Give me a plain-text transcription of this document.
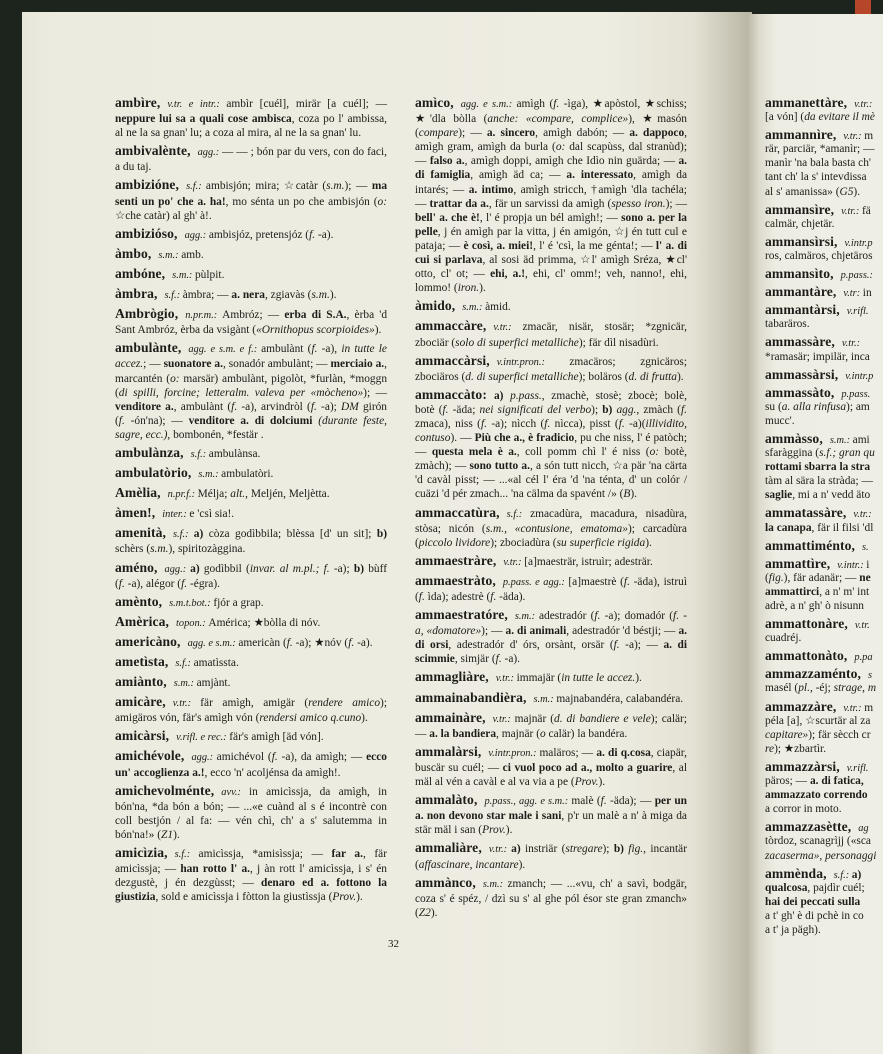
ambìre, v.tr. e intr.: ambìr [cuél], mirär [a cuél]; — neppure lui sa a quali cose ambisca, coza po l' ambissa, al ne la sa gnan' lu; a coza al mira, al ne la sa gnan' lu.
ambivalènte, agg.: — — ; bón par du vers, con do faci, a du taj.
ambizióne, s.f.: ambisjón; mira; ☆catàr (s.m.); — ma senti un po' che a. ha!, mo sénta un po che ambisjón (o: ☆che catàr) al gh' à!.
ambizióso, agg.: ambisjóz, pretensjóz (f. -a).
àmbo, s.m.: amb.
ambóne, s.m.: pùlpit.
àmbra, s.f.: àmbra; — a. nera, zgiavàs (s.m.).
Ambrògio, n.pr.m.: Ambróz; — erba di S.A., èrba 'd Sant Ambróz, èrba da vsigànt («Ornithopus scorpioides»).
ambulànte, agg. e s.m. e f.: ambulànt (f. -a), in tutte le accez.; — suonatore a., sonadór ambulànt; — merciaio a., marcantén (o: marsär) ambulànt, pigolòt, *furlàn, *moggn (di spilli, forcine; letteralm. valeva per «mòcheno»); — venditore a., ambulànt (f. -a), arvindròl (f. -a); DM girón (f. -ón'na); — venditore a. di dolciumi (durante feste, sagre, ecc.), bombonén, *festär .
ambulànza, s.f.: ambulànsa.
ambulatòrio, s.m.: ambulatòri.
Amèlia, n.pr.f.: Mélja; alt., Meljén, Meljètta.
àmen!, inter.: e 'csì sia!.
amenità, s.f.: a) còza godìbbila; blèssa [d' un sit]; b) schèrs (s.m.), spiritozàggina.
améno, agg.: a) godìbbil (invar. al m.pl.; f. -a); b) bùff (f. -a), alégor (f. -égra).
amènto, s.m.t.bot.: fjór a grap.
Amèrica, topon.: América; ★bòlla di nóv.
americàno, agg. e s.m.: americàn (f. -a); ★nóv (f. -a).
ametìsta, s.f.: amatìssta.
amiànto, s.m.: amjànt.
amicàre, v.tr.: fär amìgh, amigär (rendere amico); amigäros vón, fär's amìgh vón (rendersi amico q.cuno).
amicàrsi, v.rifl. e rec.: fär's amìgh [äd vón].
amichévole, agg.: amichévol (f. -a), da amìgh; — ecco un' accoglienza a.!, ecco 'n' acoljénsa da amìgh!.
amichevolménte, avv.: in amicìssja, da amìgh, in bón'na, *da bón a bón; — ...«e cuànd al s é incontrè con coll bestjón / al fa: — vén chì, ch' a s' salutemma in bón'na!» (Z1).
amicìzia, s.f.: amicìssja, *amisìssja; — far a., fär amicìssja; — han rotto l' a., j àn rott l' amicìssja, i s' én dezgustè, j én dezgùsst; — denaro ed a. fottono la giustizia, sold e amicìssja i fòtton la giustìssja (Prov.).
amìco, agg. e s.m.: amìgh (f. -ìga), ★apòstol, ★schiss; ★'dla bòlla (anche: «compare, complice»), ★masón (compare); — a. sincero, amìgh dabón; — a. dappoco, amìgh gram, amìgh da burla (o: dal scapùss, dal stranùd); — falso a., amìgh doppi, amìgh che Idìo nin guärda; — a. di famiglia, amìgh äd ca; — a. interessato, amìgh da intarés; — a. intimo, amìgh stricch, †amìgh 'dla tachéla; — trattar da a., fär un sarvissi da amìgh (spesso iron.); — bell' a. che è!, l' é propja un bél amìgh!; — sono a. per la pelle, j én amìgh par la vitta, j én amigón, ☆j én tutt cul e pataja; — è così, a. miei!, l' é 'csì, la me génta!; — l' a. di cui si parlava, al sosi äd primma, ☆l' amìgh Sréza, ★cl' otto, cl' ot; — ehi, a.!, ehi, cl' omm!; veh, nanno!, ehi, lommo! (iron.).
àmido, s.m.: àmid.
ammaccàre, v.tr.: zmacär, nisär, stosär; *zgnicär, zbociär (solo di superfici metalliche); fär dìl nisadùri.
ammaccàrsi, v.intr.pron.: zmacäros; zgnicäros; zbociäros (d. di superfici metalliche); boläros (d. di frutta).
ammaccàto: a) p.pass., zmachè, stosè; zbocè; bolè, botè (f. -äda; nei significati del verbo); b) agg., zmàch (f. zmaca), niss (f. -a); nìcch (f. nìcca), pisst (f. -a)(illividito, contuso). — Più che a., è fradicio, pu che niss, l' é patòch; — questa mela è a., coll pomm chì l' é niss (o: botè, zmàch); — sono tutto a., a són tutt nicch, ☆a pär 'na cärta 'd cavàl pisst; — ...«al cél l' éra 'd 'na ténta, d' un colór / cuäzi 'd pér zmach... 'na cälma da spavént /» (B).
ammaccatùra, s.f.: zmacadùra, macadura, nisadùra, stòsa; nicón (s.m., «contusione, ematoma»); carcadùra (piccolo lividore); zbociadùra (su superficie rigida).
ammaestràre, v.tr.: [a]maesträr, istruìr; adesträr.
ammaestràto, p.pass. e agg.: [a]maestrè (f. -äda), istruì (f. ìda); adestrè (f. -äda).
ammaestratóre, s.m.: adestradór (f. -a); domadór (f. -a, «domatore»); — a. di animali, adestradór 'd béstji; — a. di orsi, adestradór d' órs, orsànt, orsär (f. -a); — a. di scimmie, simjär (f. -a).
ammagliàre, v.tr.: immajär (in tutte le accez.).
ammainabandièra, s.m.: majnabandéra, calabandéra.
ammainàre, v.tr.: majnär (d. di bandiere e vele); calär; — a. la bandiera, majnär (o calär) la bandéra.
ammalàrsi, v.intr.pron.: maläros; — a. di q.cosa, ciapär, buscär su cuél; — ci vuol poco ad a., molto a guarire, al mäl al vén a cavàl e al va via a pe (Prov.).
ammalàto, p.pass., agg. e s.m.: malè (f. -äda); — per un a. non devono star male i sani, p'r un malè a n' à miga da stär mäl i san (Prov.).
ammaliàre, v.tr.: a) instriär (stregare); b) fig., incantär (affascinare, incantare).
ammànco, s.m.: zmanch; — ...«vu, ch' a savì, bodgär, coza s' é spéz, / dzì su s' al ghe pól ésor ste gran zmanch» (Z2).
ammanettàre, v.tr.:
[a vón] (da evitare il mè
ammannìre, v.tr.: m
rär, parciär, *amanìr; —
manìr 'na bala basta ch'
tant ch' la s' intevdissa
al s' amanissa» (G5).
ammansìre, v.tr.: fä
calmär, chjetär.
ammansìrsi, v.intr.p
ros, calmäros, chjetäros
ammansìto, p.pass.:
ammantàre, v.tr: in
ammantàrsi, v.rifl.
tabaräros.
ammassàre, v.tr.:
*ramasär; impilär, inca
ammassàrsi, v.intr.p
ammassàto, p.pass.
su (a. alla rinfusa); am
mucc'.
ammàsso, s.m.: ami
sfaràggina (s.f.; gran qu
rottami sbarra la stra
tàm al sära la stràda; —
saglie, mi a n' vedd äto
ammatassàre, v.tr.:
la canapa, fär il filsi 'dl
ammattiménto, s.
ammattìre, v.intr.: i
(fig.), fär adanär; — ne
ammattirci, a n' m' int
adrè, a n' gh' ò nisunn
ammattonàre, v.tr.
cuadréj.
ammattonàto, p.pa
ammazzaménto, s
masél (pl., -éj; strage, m
ammazzàre, v.tr.: m
péla [a], ☆scurtär al za
capitare»); fär sècch cr
re); ★zbartìr.
ammazzàrsi, v.rifl.
päros; — a. di fatica,
ammazzato correndo
a corror in moto.
ammazzasètte, ag
tòrdoz, scanagrìjj («sca
zacaserma», personaggi
ammènda, s.f.: a)
qualcosa, pajdìr cuél;
hai dei peccati sulla
a t' gh' è di pchè in co
a t' ja pägh).
32
